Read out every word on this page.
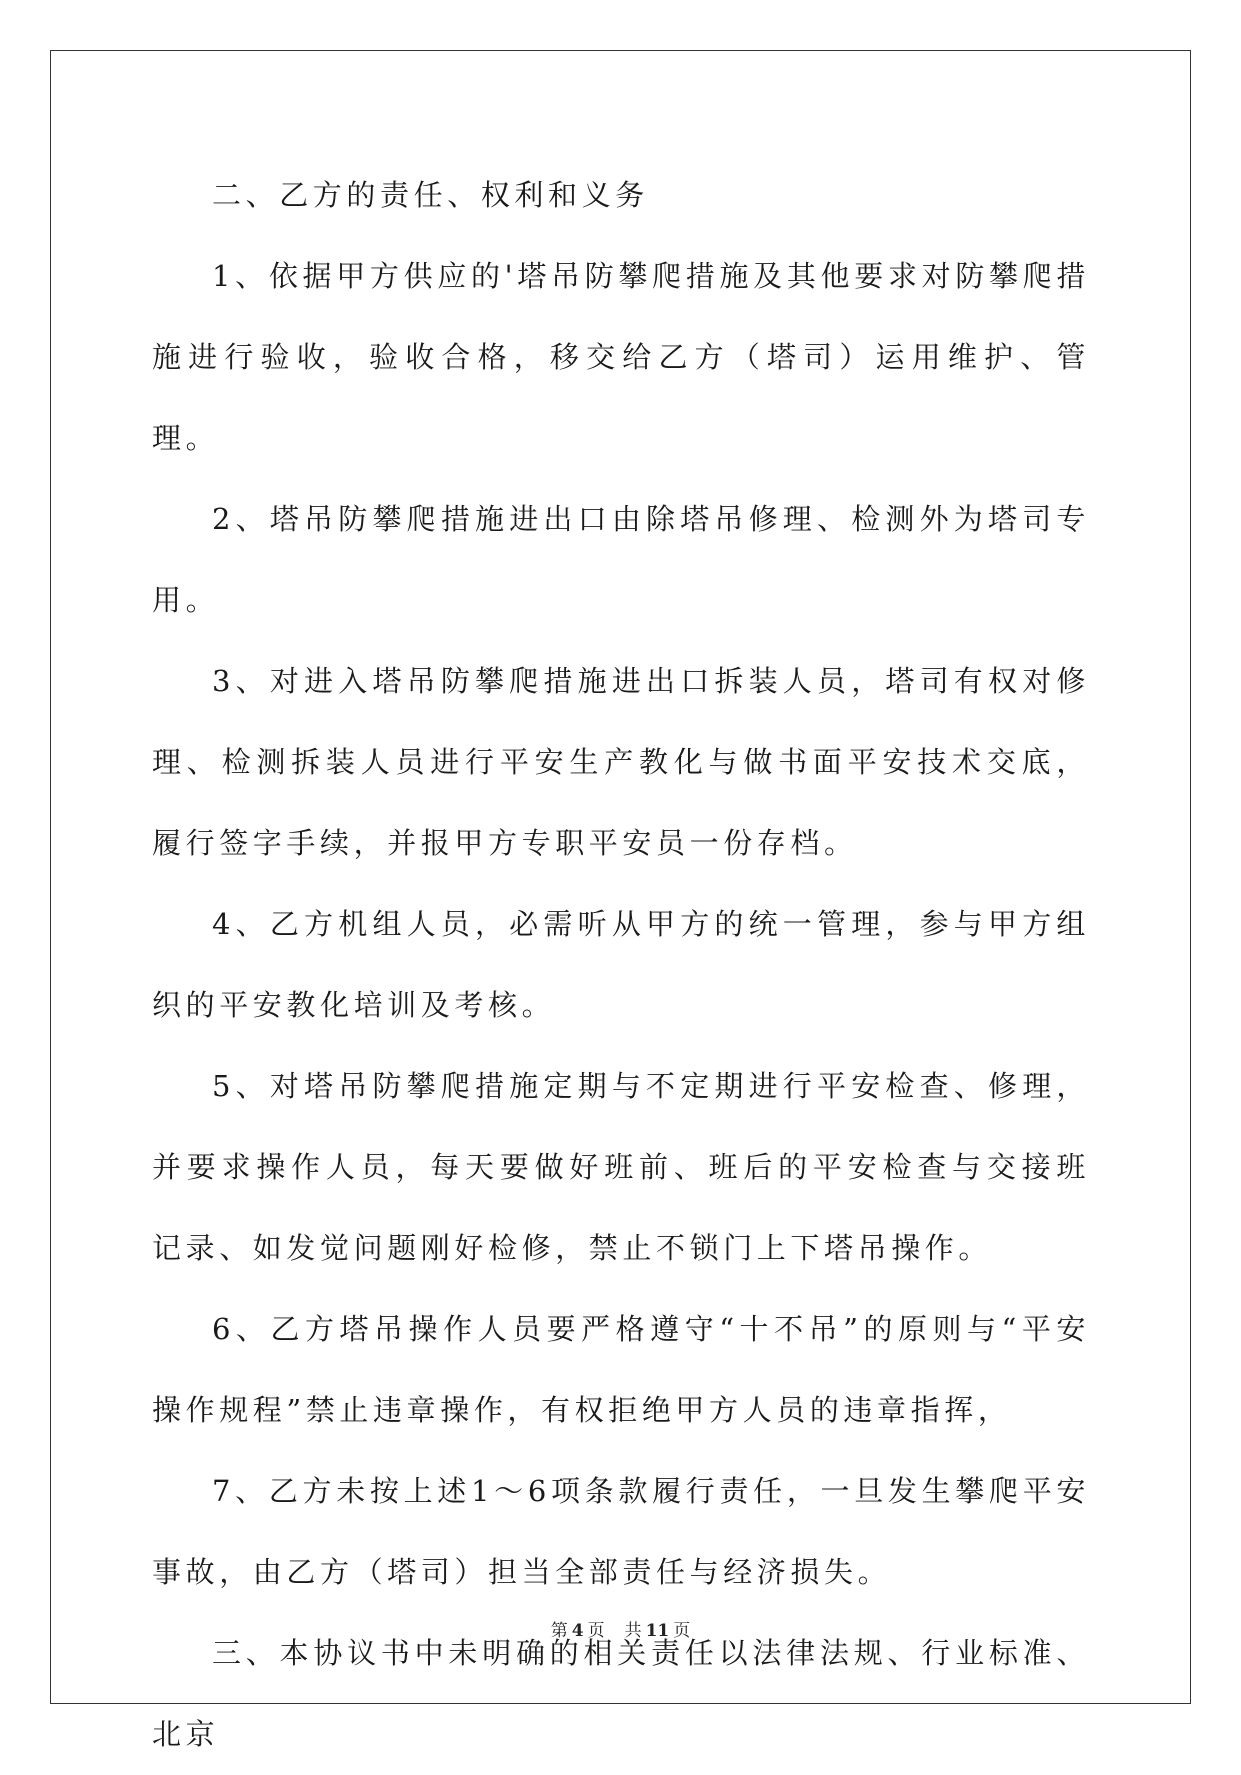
二、乙方的责任、权利和义务

1、依据甲方供应的'塔吊防攀爬措施及其他要求对防攀爬措施进行验收，验收合格，移交给乙方（塔司）运用维护、管理。

2、塔吊防攀爬措施进出口由除塔吊修理、检测外为塔司专用。

3、对进入塔吊防攀爬措施进出口拆装人员，塔司有权对修理、检测拆装人员进行平安生产教化与做书面平安技术交底，履行签字手续，并报甲方专职平安员一份存档。

4、乙方机组人员，必需听从甲方的统一管理，参与甲方组织的平安教化培训及考核。

5、对塔吊防攀爬措施定期与不定期进行平安检查、修理，并要求操作人员，每天要做好班前、班后的平安检查与交接班记录、如发觉问题刚好检修，禁止不锁门上下塔吊操作。

6、乙方塔吊操作人员要严格遵守“十不吊”的原则与“平安操作规程”禁止违章操作，有权拒绝甲方人员的违章指挥，

7、乙方未按上述1～6项条款履行责任，一旦发生攀爬平安事故，由乙方（塔司）担当全部责任与经济损失。

三、本协议书中未明确的相关责任以法律法规、行业标准、北京

第 4 页 共 11 页
